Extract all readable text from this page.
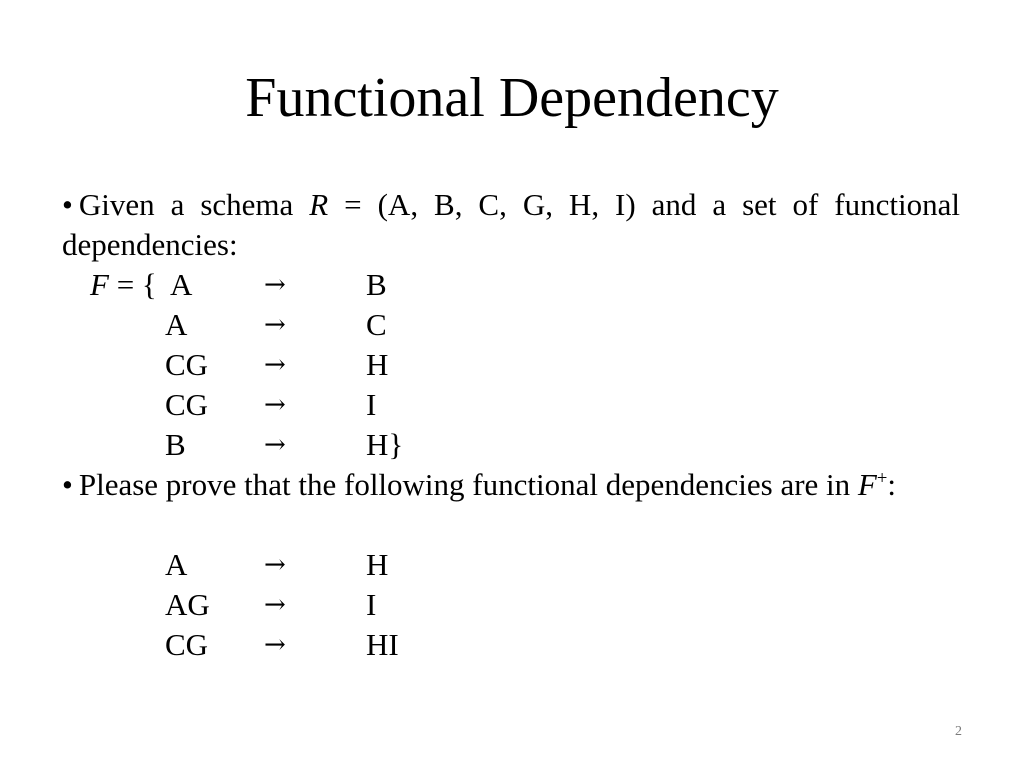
Functional Dependency
• Given a schema R = (A, B, C, G, H, I) and a set of functional dependencies:
F = { A	→	B
A	→	C
CG →	H
CG →	I
B	→	H}
• Please prove that the following functional dependencies are in F+:
A	→	H
AG →	I
CG →	HI
2
